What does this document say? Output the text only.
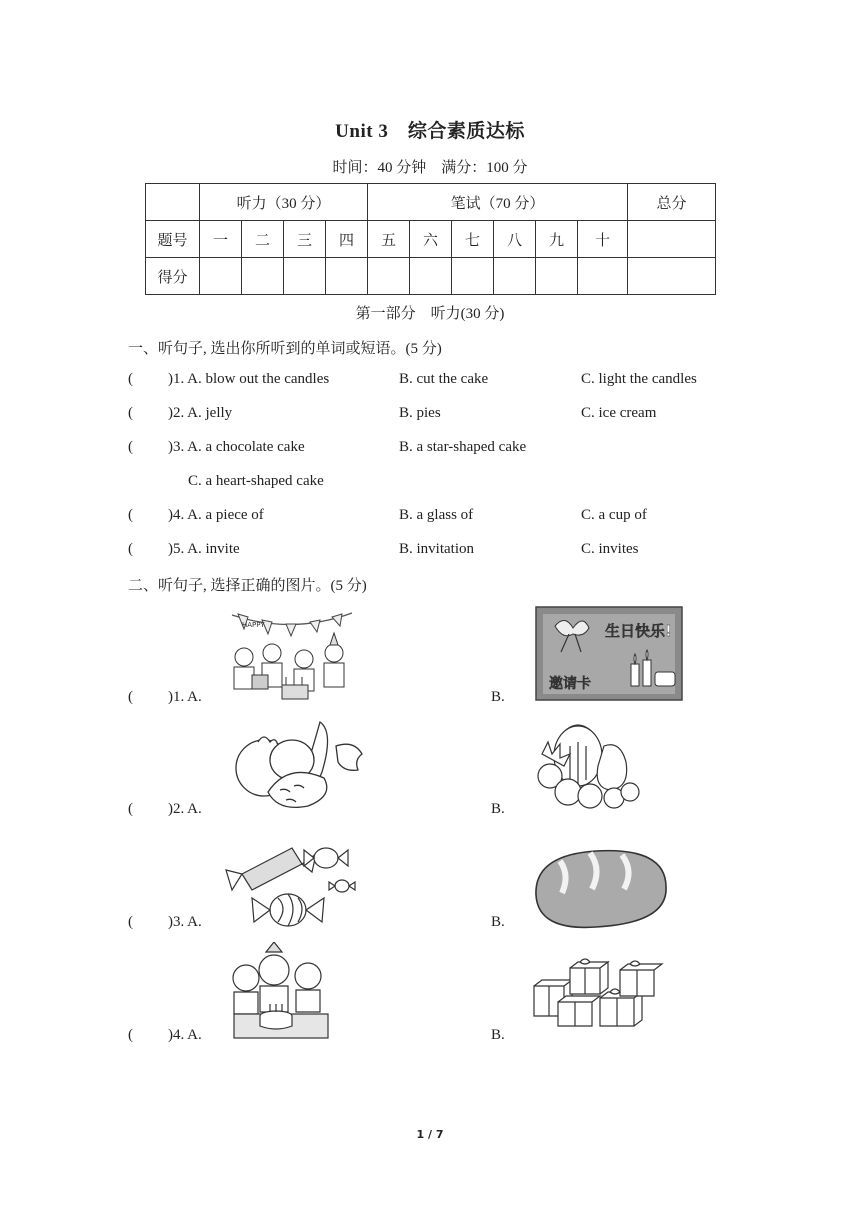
Unit 3　综合素质达标
时间：40 分钟　满分：100 分
	听力（30 分）				笔试（70 分）						总分
题号	一	二	三	四	五	六	七	八	九	十	
得分											
第一部分　听力(30 分)
一、听句子, 选出你所听到的单词或短语。(5 分)
( )1. A. blow out the candles	B. cut the cake	C. light the candles
( )2. A. jelly	B. pies	C. ice cream
( )3. A. a chocolate cake	B. a star-shaped cake
C. a heart-shaped cake
( )4. A. a piece of	B. a glass of	C. a cup of
( )5. A. invite	B. invitation	C. invites
二、听句子, 选择正确的图片。(5 分)
( )1. A.	B.
HAPPY	生日快乐!
邀请卡
( )2. A.	B.
( )3. A.	B.
( )4. A.	B.
1 / 7
